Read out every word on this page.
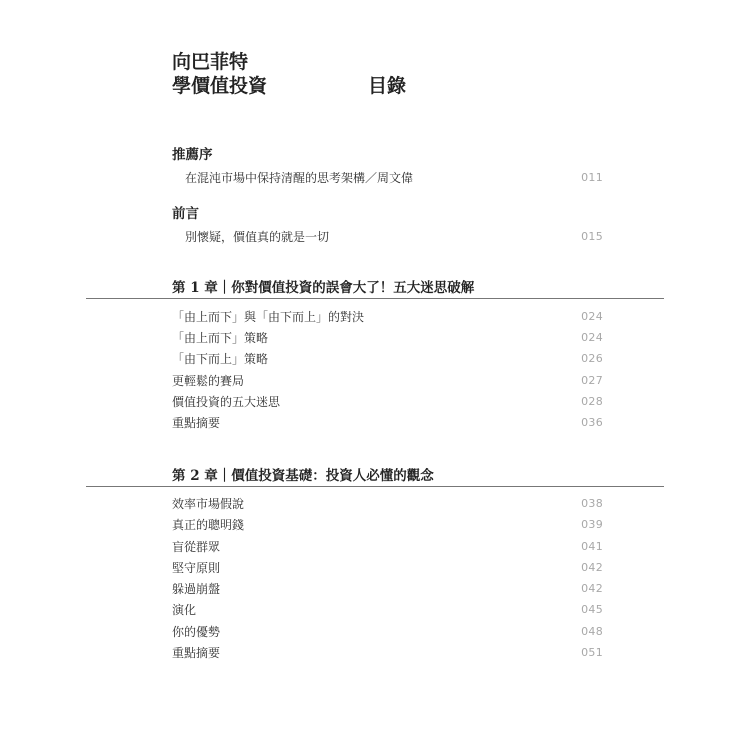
向巴菲特
學價值投資	目錄
推薦序
在混沌市場中保持清醒的思考架構／周文偉	011
前言
別懷疑，價值真的就是一切	015
第 1 章｜你對價值投資的誤會大了！五大迷思破解
「由上而下」與「由下而上」的對決	024
「由上而下」策略	024
「由下而上」策略	026
更輕鬆的賽局	027
價值投資的五大迷思	028
重點摘要	036
第 2 章｜價值投資基礎：投資人必懂的觀念
效率市場假說	038
真正的聰明錢	039
盲從群眾	041
堅守原則	042
躲過崩盤	042
演化	045
你的優勢	048
重點摘要	051
